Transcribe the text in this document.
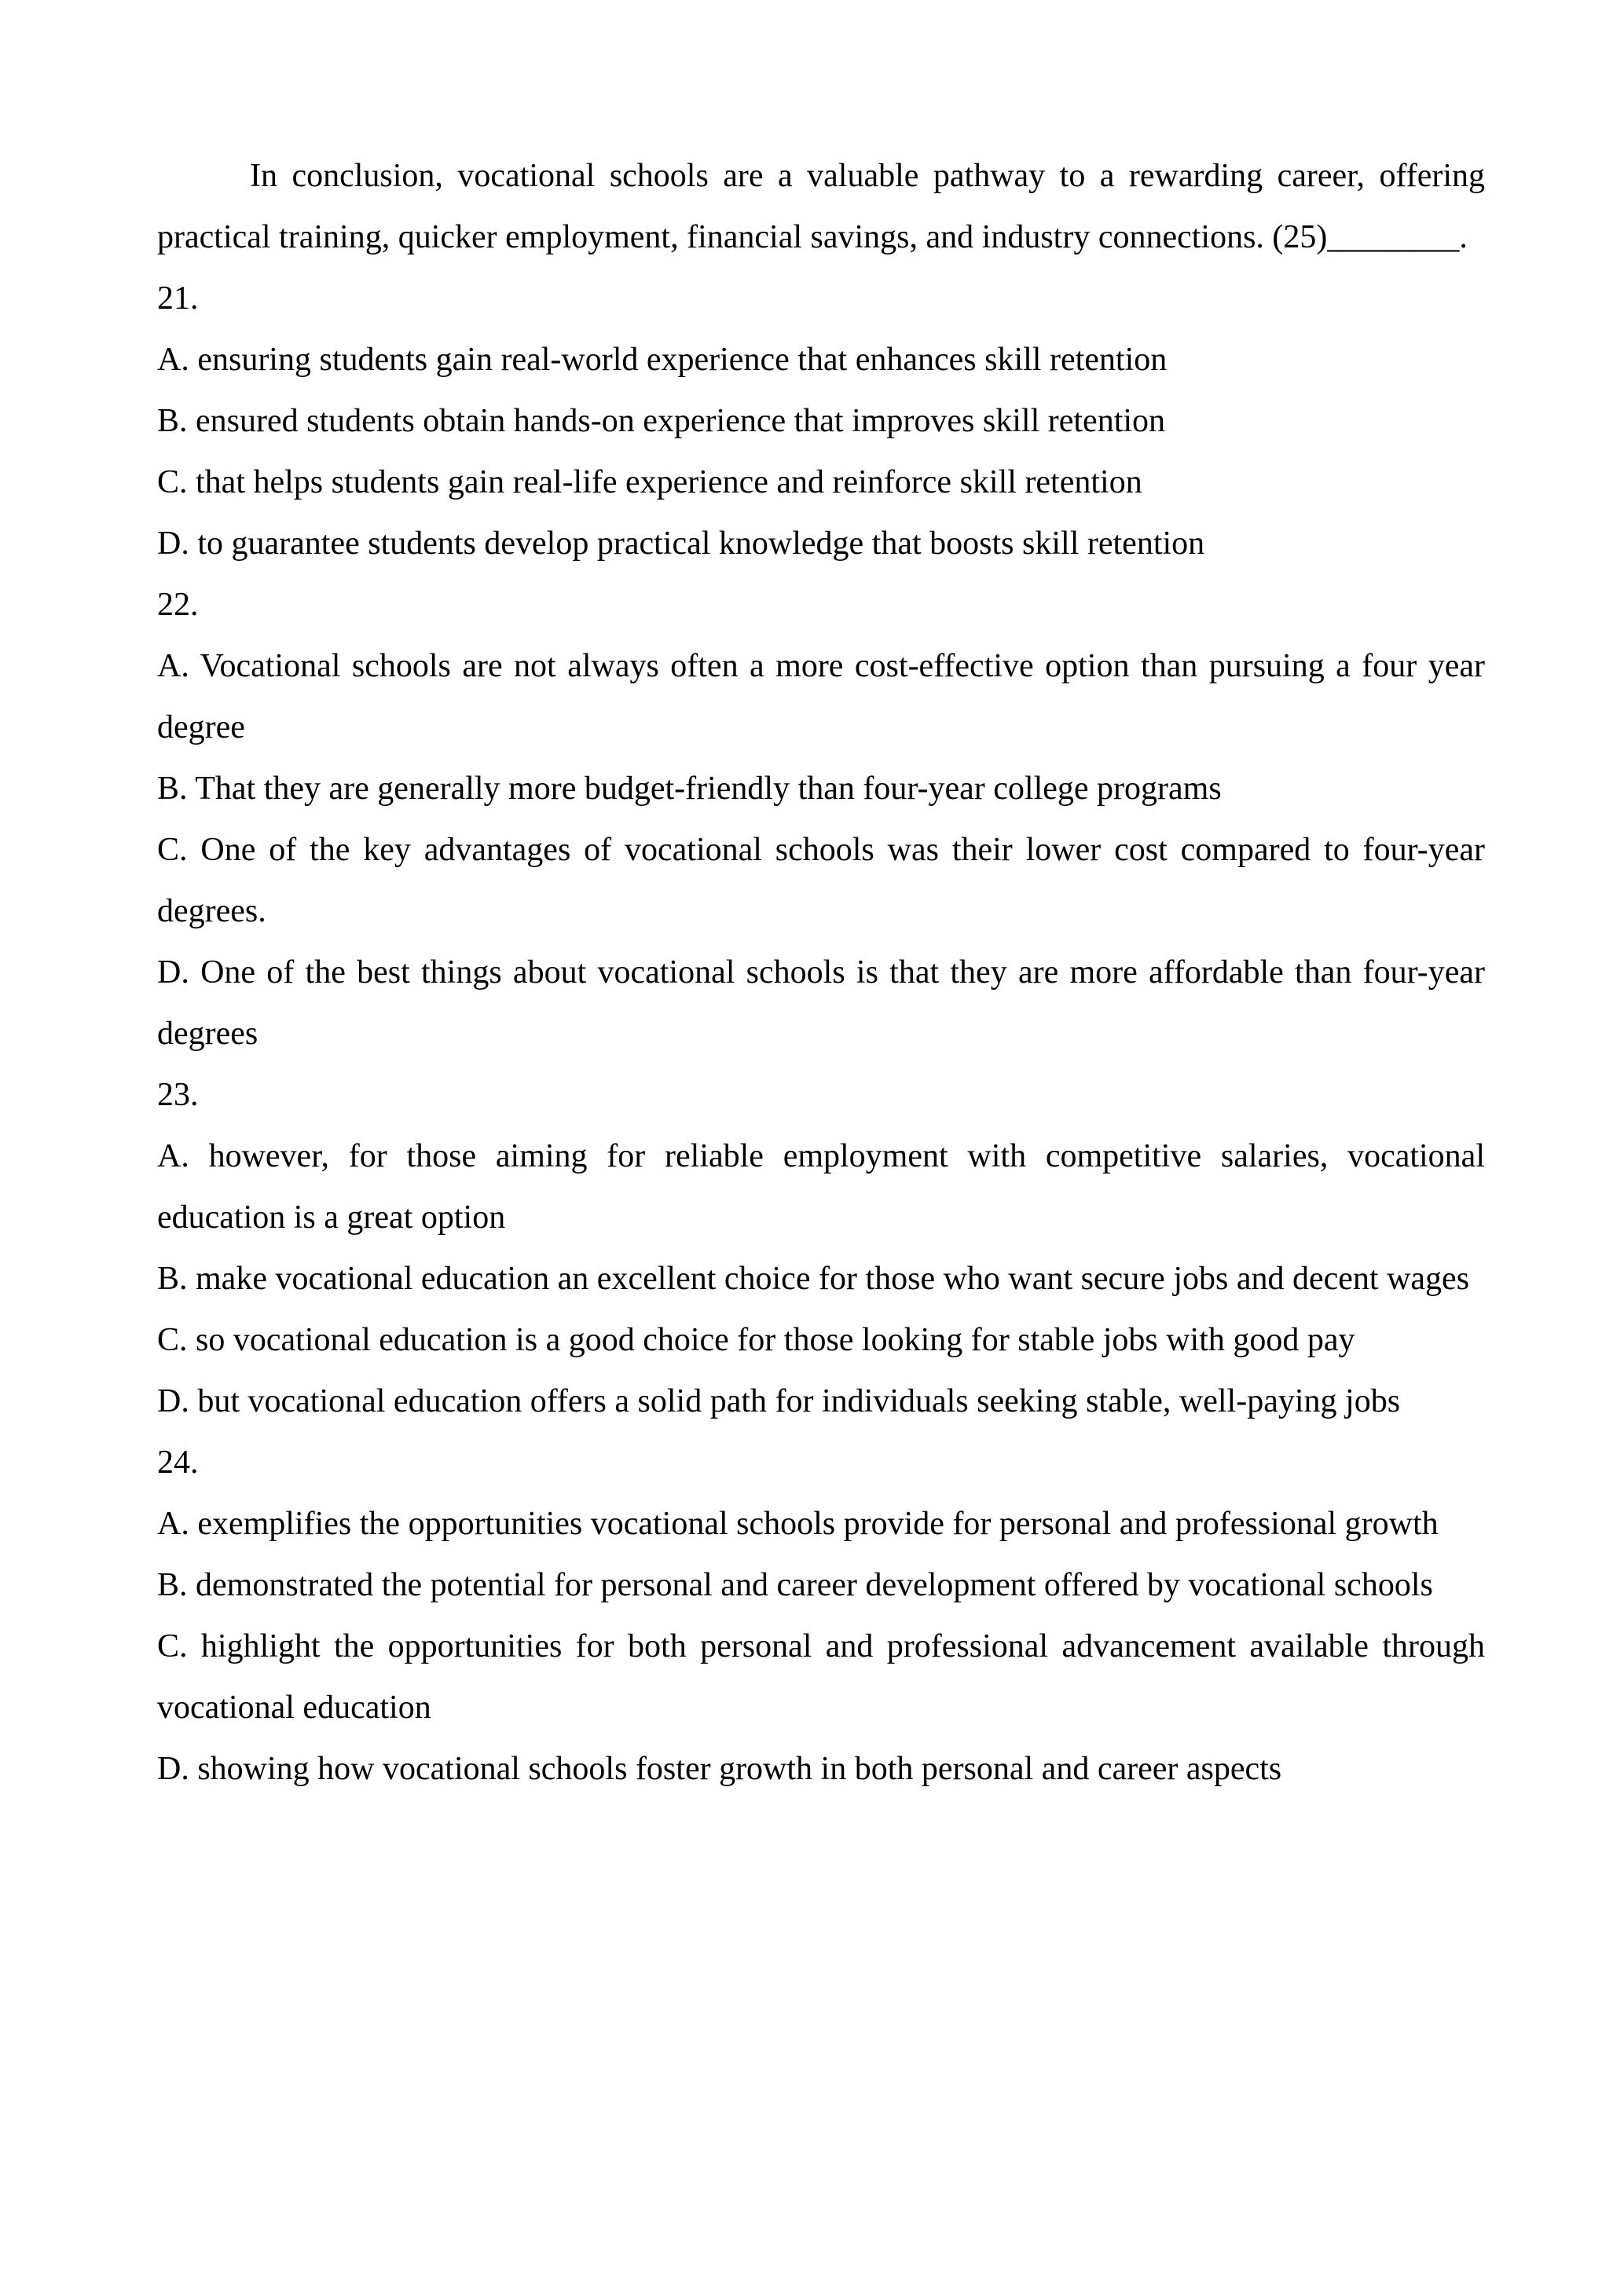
In conclusion, vocational schools are a valuable pathway to a rewarding career, offering practical training, quicker employment, financial savings, and industry connections. (25)________.

21.

A. ensuring students gain real-world experience that enhances skill retention

B. ensured students obtain hands-on experience that improves skill retention

C. that helps students gain real-life experience and reinforce skill retention

D. to guarantee students develop practical knowledge that boosts skill retention

22.

A. Vocational schools are not always often a more cost-effective option than pursuing a four year degree

B. That they are generally more budget-friendly than four-year college programs

C. One of the key advantages of vocational schools was their lower cost compared to four-year degrees.

D. One of the best things about vocational schools is that they are more affordable than four-year degrees

23.

A. however, for those aiming for reliable employment with competitive salaries, vocational education is a great option

B. make vocational education an excellent choice for those who want secure jobs and decent wages

C. so vocational education is a good choice for those looking for stable jobs with good pay

D. but vocational education offers a solid path for individuals seeking stable, well-paying jobs

24.

A. exemplifies the opportunities vocational schools provide for personal and professional growth

B. demonstrated the potential for personal and career development offered by vocational schools

C. highlight the opportunities for both personal and professional advancement available through vocational education

D. showing how vocational schools foster growth in both personal and career aspects
